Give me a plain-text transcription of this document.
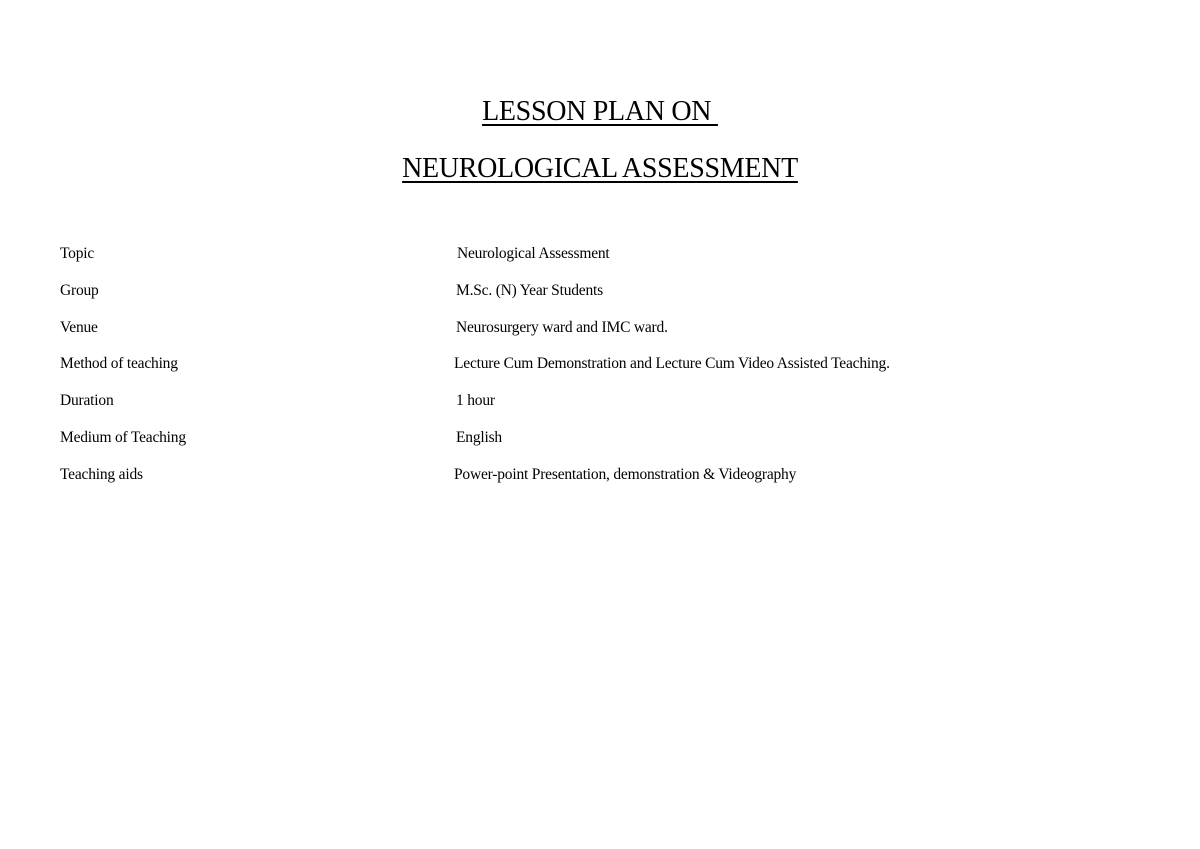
LESSON PLAN ON
NEUROLOGICAL ASSESSMENT
Topic	Neurological Assessment
Group	M.Sc. (N) Year Students
Venue	Neurosurgery ward and IMC ward.
Method of teaching	Lecture Cum Demonstration and Lecture Cum Video Assisted Teaching.
Duration	1 hour
Medium of Teaching	English
Teaching aids	Power-point Presentation, demonstration & Videography
